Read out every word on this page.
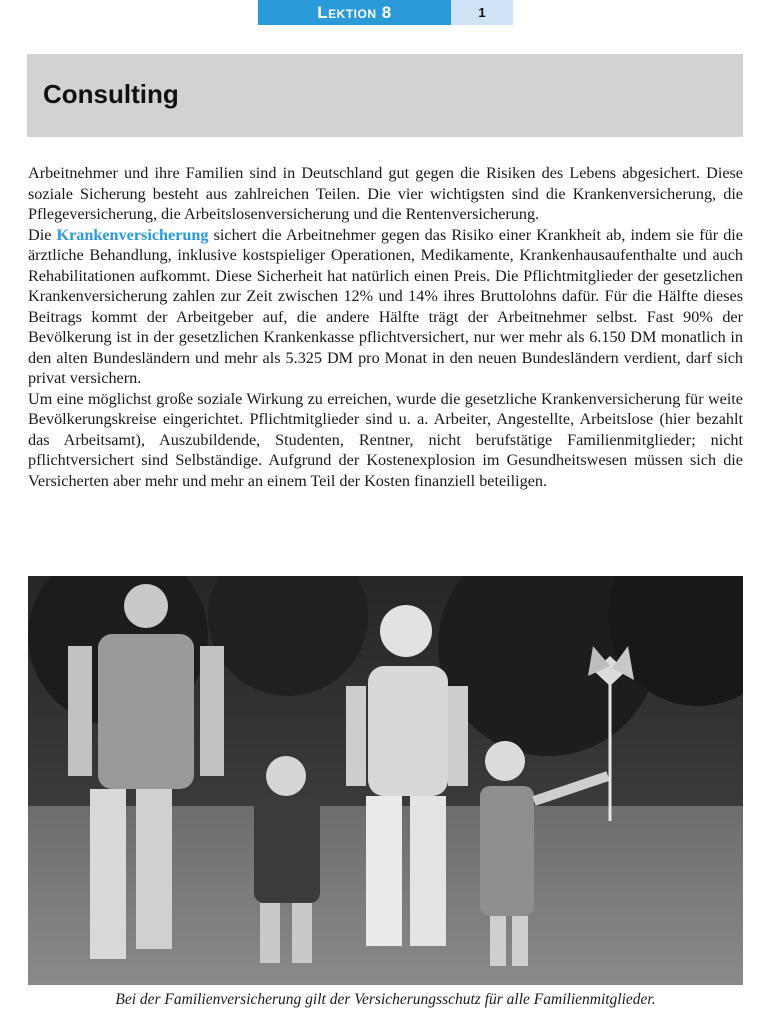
Lektion 8	1
Consulting

Arbeitnehmer und ihre Familien sind in Deutschland gut gegen die Risiken des Lebens abgesichert. Diese soziale Sicherung besteht aus zahlreichen Teilen. Die vier wichtigsten sind die Krankenversicherung, die Pflegeversicherung, die Arbeitslosenversicherung und die Rentenversicherung.

Die Krankenversicherung sichert die Arbeitnehmer gegen das Risiko einer Krankheit ab, indem sie für die ärztliche Behandlung, inklusive kostspieliger Operationen, Medikamente, Krankenhausaufenthalte und auch Rehabilitationen aufkommt. Diese Sicherheit hat natürlich einen Preis. Die Pflichtmitglieder der gesetzlichen Krankenversicherung zahlen zur Zeit zwischen 12% und 14% ihres Bruttolohns dafür. Für die Hälfte dieses Beitrags kommt der Arbeitgeber auf, die andere Hälfte trägt der Arbeitnehmer selbst. Fast 90% der Bevölkerung ist in der gesetzlichen Krankenkasse pflichtversichert, nur wer mehr als 6.150 DM monatlich in den alten Bundesländern und mehr als 5.325 DM pro Monat in den neuen Bundesländern verdient, darf sich privat versichern.

Um eine möglichst große soziale Wirkung zu erreichen, wurde die gesetzliche Krankenversicherung für weite Bevölkerungskreise eingerichtet. Pflichtmitglieder sind u. a. Arbeiter, Angestellte, Arbeitslose (hier bezahlt das Arbeitsamt), Auszubildende, Studenten, Rentner, nicht berufstätige Familienmitglieder; nicht pflichtversichert sind Selbständige. Aufgrund der Kostenexplosion im Gesundheitswesen müssen sich die Versicherten aber mehr und mehr an einem Teil der Kosten finanziell beteiligen.

Bei der Familienversicherung gilt der Versicherungsschutz für alle Familienmitglieder.
